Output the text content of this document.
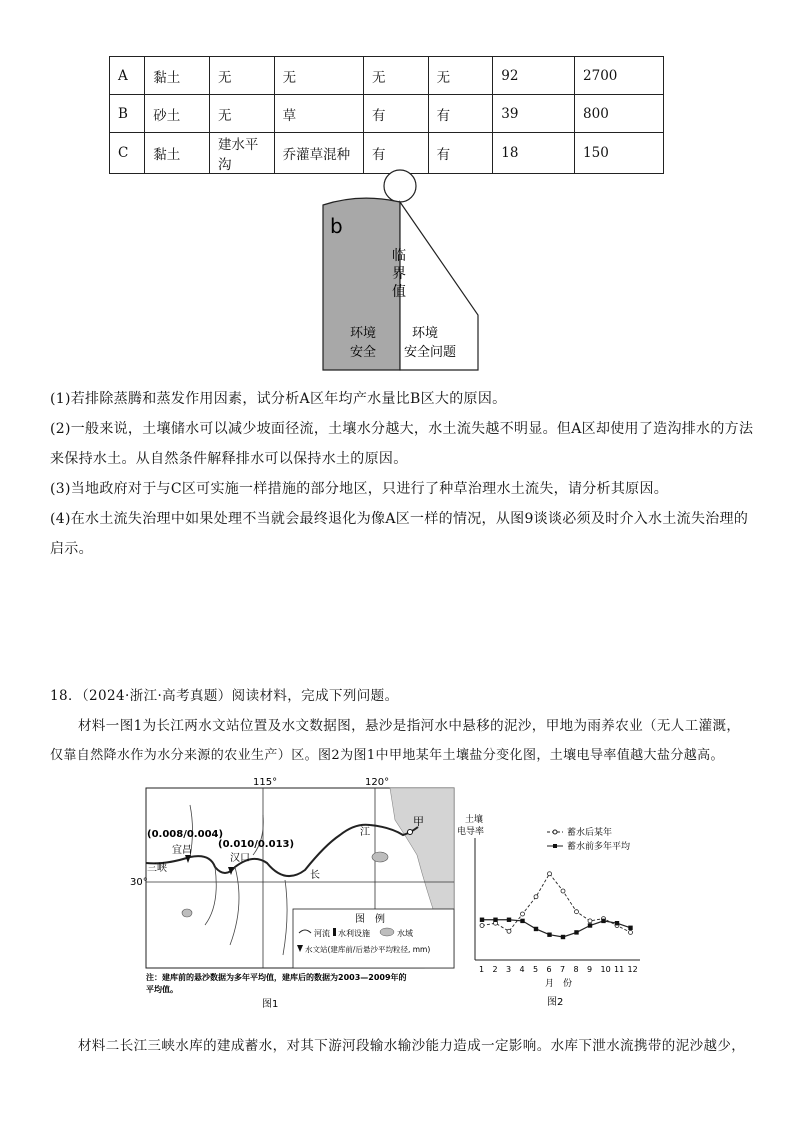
A	黏土	无	无	无	无	92	2700
B	砂土	无	草	有	有	39	800
C	黏土	建水平沟	乔灌草混种	有	有	18	150
b
临
界
值
环境
安全
环境
安全问题
(1)若排除蒸腾和蒸发作用因素，试分析A区年均产水量比B区大的原因。
(2)一般来说，土壤储水可以减少坡面径流，土壤水分越大，水土流失越不明显。但A区却使用了造沟排水的方法
来保持水土。从自然条件解释排水可以保持水土的原因。
(3)当地政府对于与C区可实施一样措施的部分地区，只进行了种草治理水土流失，请分析其原因。
(4)在水土流失治理中如果处理不当就会最终退化为像A区一样的情况，从图9谈谈必须及时介入水土流失治理的
启示。
18．（2024·浙江·高考真题）阅读材料，完成下列问题。
材料一图1为长江两水文站位置及水文数据图，悬沙是指河水中悬移的泥沙，甲地为雨养农业（无人工灌溉，
仅靠自然降水作为水分来源的农业生产）区。图2为图1中甲地某年土壤盐分变化图，土壤电导率值越大盐分越高。
115°	120°
30°
甲
(0.008/0.004)
(0.010/0.013)
宜昌
三峡
汉口
江
长
图　例
河流 水利设施	水域
水文站(建库前/后悬沙平均粒径, mm)
注：建库前的悬沙数据为多年平均值，建库后的数据为2003—2009年的
平均值。
图1
土壤
电导率	蓄水后某年
蓄水前多年平均
1 2 3 4 5 6 7 8 9 10 11 12
月　份
图2
材料二长江三峡水库的建成蓄水，对其下游河段输水输沙能力造成一定影响。水库下泄水流携带的泥沙越少，
